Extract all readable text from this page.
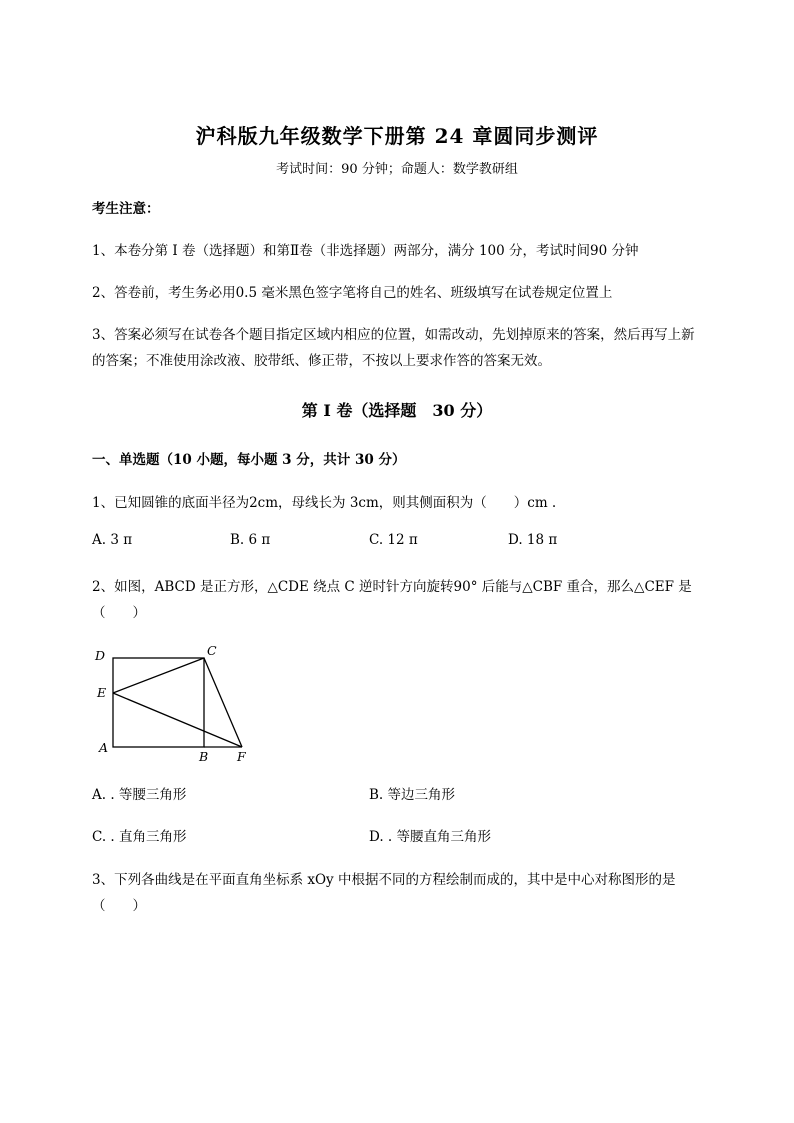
沪科版九年级数学下册第 24 章圆同步测评
考试时间：90 分钟；命题人：数学教研组
考生注意：
1、本卷分第 I 卷（选择题）和第Ⅱ卷（非选择题）两部分，满分 100 分，考试时间90 分钟
2、答卷前，考生务必用0.5 毫米黑色签字笔将自己的姓名、班级填写在试卷规定位置上
3、答案必须写在试卷各个题目指定区域内相应的位置，如需改动，先划掉原来的答案，然后再写上新
的答案；不准使用涂改液、胶带纸、修正带，不按以上要求作答的答案无效。
第 I 卷（选择题　30 分）
一、单选题（10 小题，每小题 3 分，共计 30 分）
1、已知圆锥的底面半径为2cm，母线长为 3cm，则其侧面积为（　　）cm .
A. 3 π	B. 6 π	C. 12 π	D. 18 π
2、如图，ABCD 是正方形，△CDE 绕点 C 逆时针方向旋转90° 后能与△CBF 重合，那么△CEF 是
（　　）
D	C
E
A
B F
A. . 等腰三角形	B. 等边三角形
C. . 直角三角形	D. . 等腰直角三角形
3、下列各曲线是在平面直角坐标系 xOy 中根据不同的方程绘制而成的，其中是中心对称图形的是
（　　）
